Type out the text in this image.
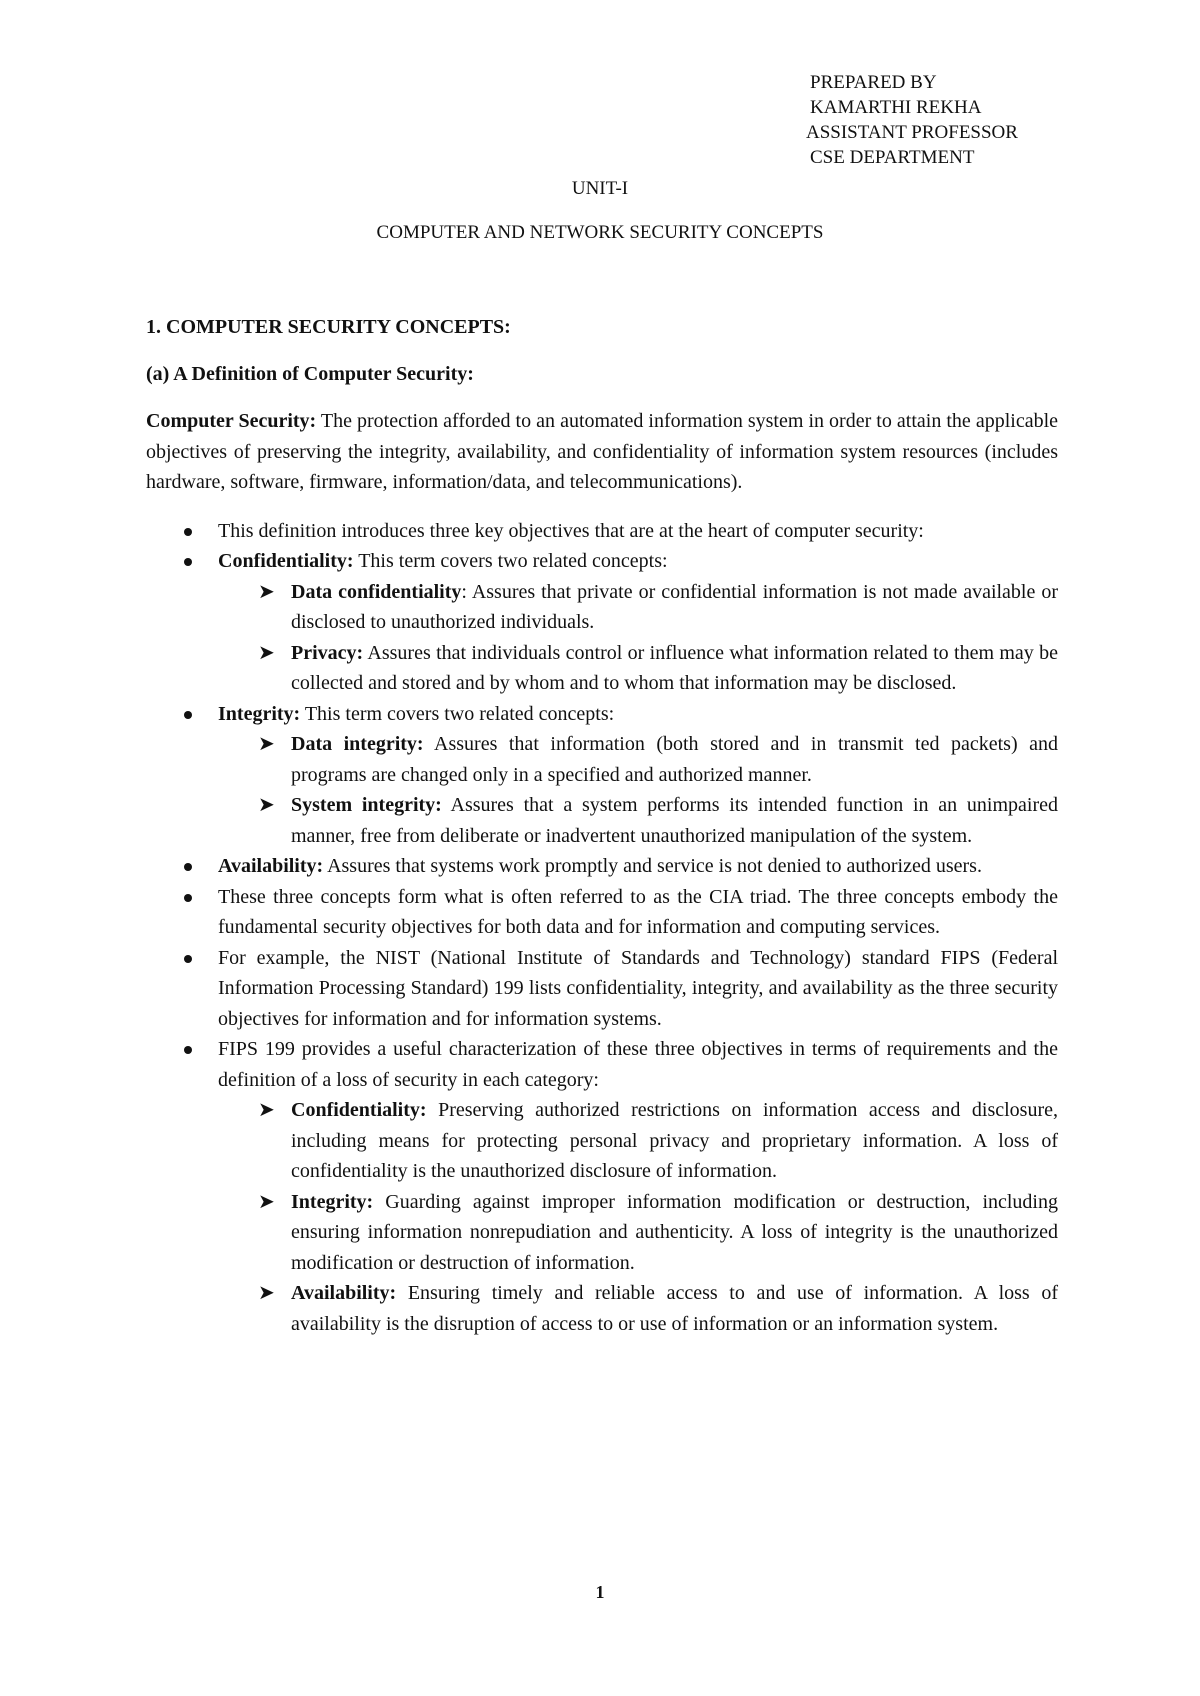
PREPARED BY
KAMARTHI REKHA
ASSISTANT PROFESSOR
CSE DEPARTMENT
UNIT-I
COMPUTER AND NETWORK SECURITY CONCEPTS
1. COMPUTER SECURITY CONCEPTS:
(a) A Definition of Computer Security:

Computer Security: The protection afforded to an automated information system in order to attain the applicable objectives of preserving the integrity, availability, and confidentiality of information system resources (includes hardware, software, firmware, information/data, and telecommunications).

This definition introduces three key objectives that are at the heart of computer security:
Confidentiality: This term covers two related concepts:
➤ Data confidentiality: Assures that private or confidential information is not made available or disclosed to unauthorized individuals.
➤ Privacy: Assures that individuals control or influence what information related to them may be collected and stored and by whom and to whom that information may be disclosed.
Integrity: This term covers two related concepts:
➤ Data integrity: Assures that information (both stored and in transmit ted packets) and programs are changed only in a specified and authorized manner.
➤ System integrity: Assures that a system performs its intended function in an unimpaired manner, free from deliberate or inadvertent unauthorized manipulation of the system.
Availability: Assures that systems work promptly and service is not denied to authorized users.
These three concepts form what is often referred to as the CIA triad. The three concepts embody the fundamental security objectives for both data and for information and computing services.
For example, the NIST (National Institute of Standards and Technology) standard FIPS (Federal Information Processing Standard) 199 lists confidentiality, integrity, and availability as the three security objectives for information and for information systems.
FIPS 199 provides a useful characterization of these three objectives in terms of requirements and the definition of a loss of security in each category:
➤ Confidentiality: Preserving authorized restrictions on information access and disclosure, including means for protecting personal privacy and proprietary information. A loss of confidentiality is the unauthorized disclosure of information.
➤ Integrity: Guarding against improper information modification or destruction, including ensuring information nonrepudiation and authenticity. A loss of integrity is the unauthorized modification or destruction of information.
➤ Availability: Ensuring timely and reliable access to and use of information. A loss of availability is the disruption of access to or use of information or an information system.
1
